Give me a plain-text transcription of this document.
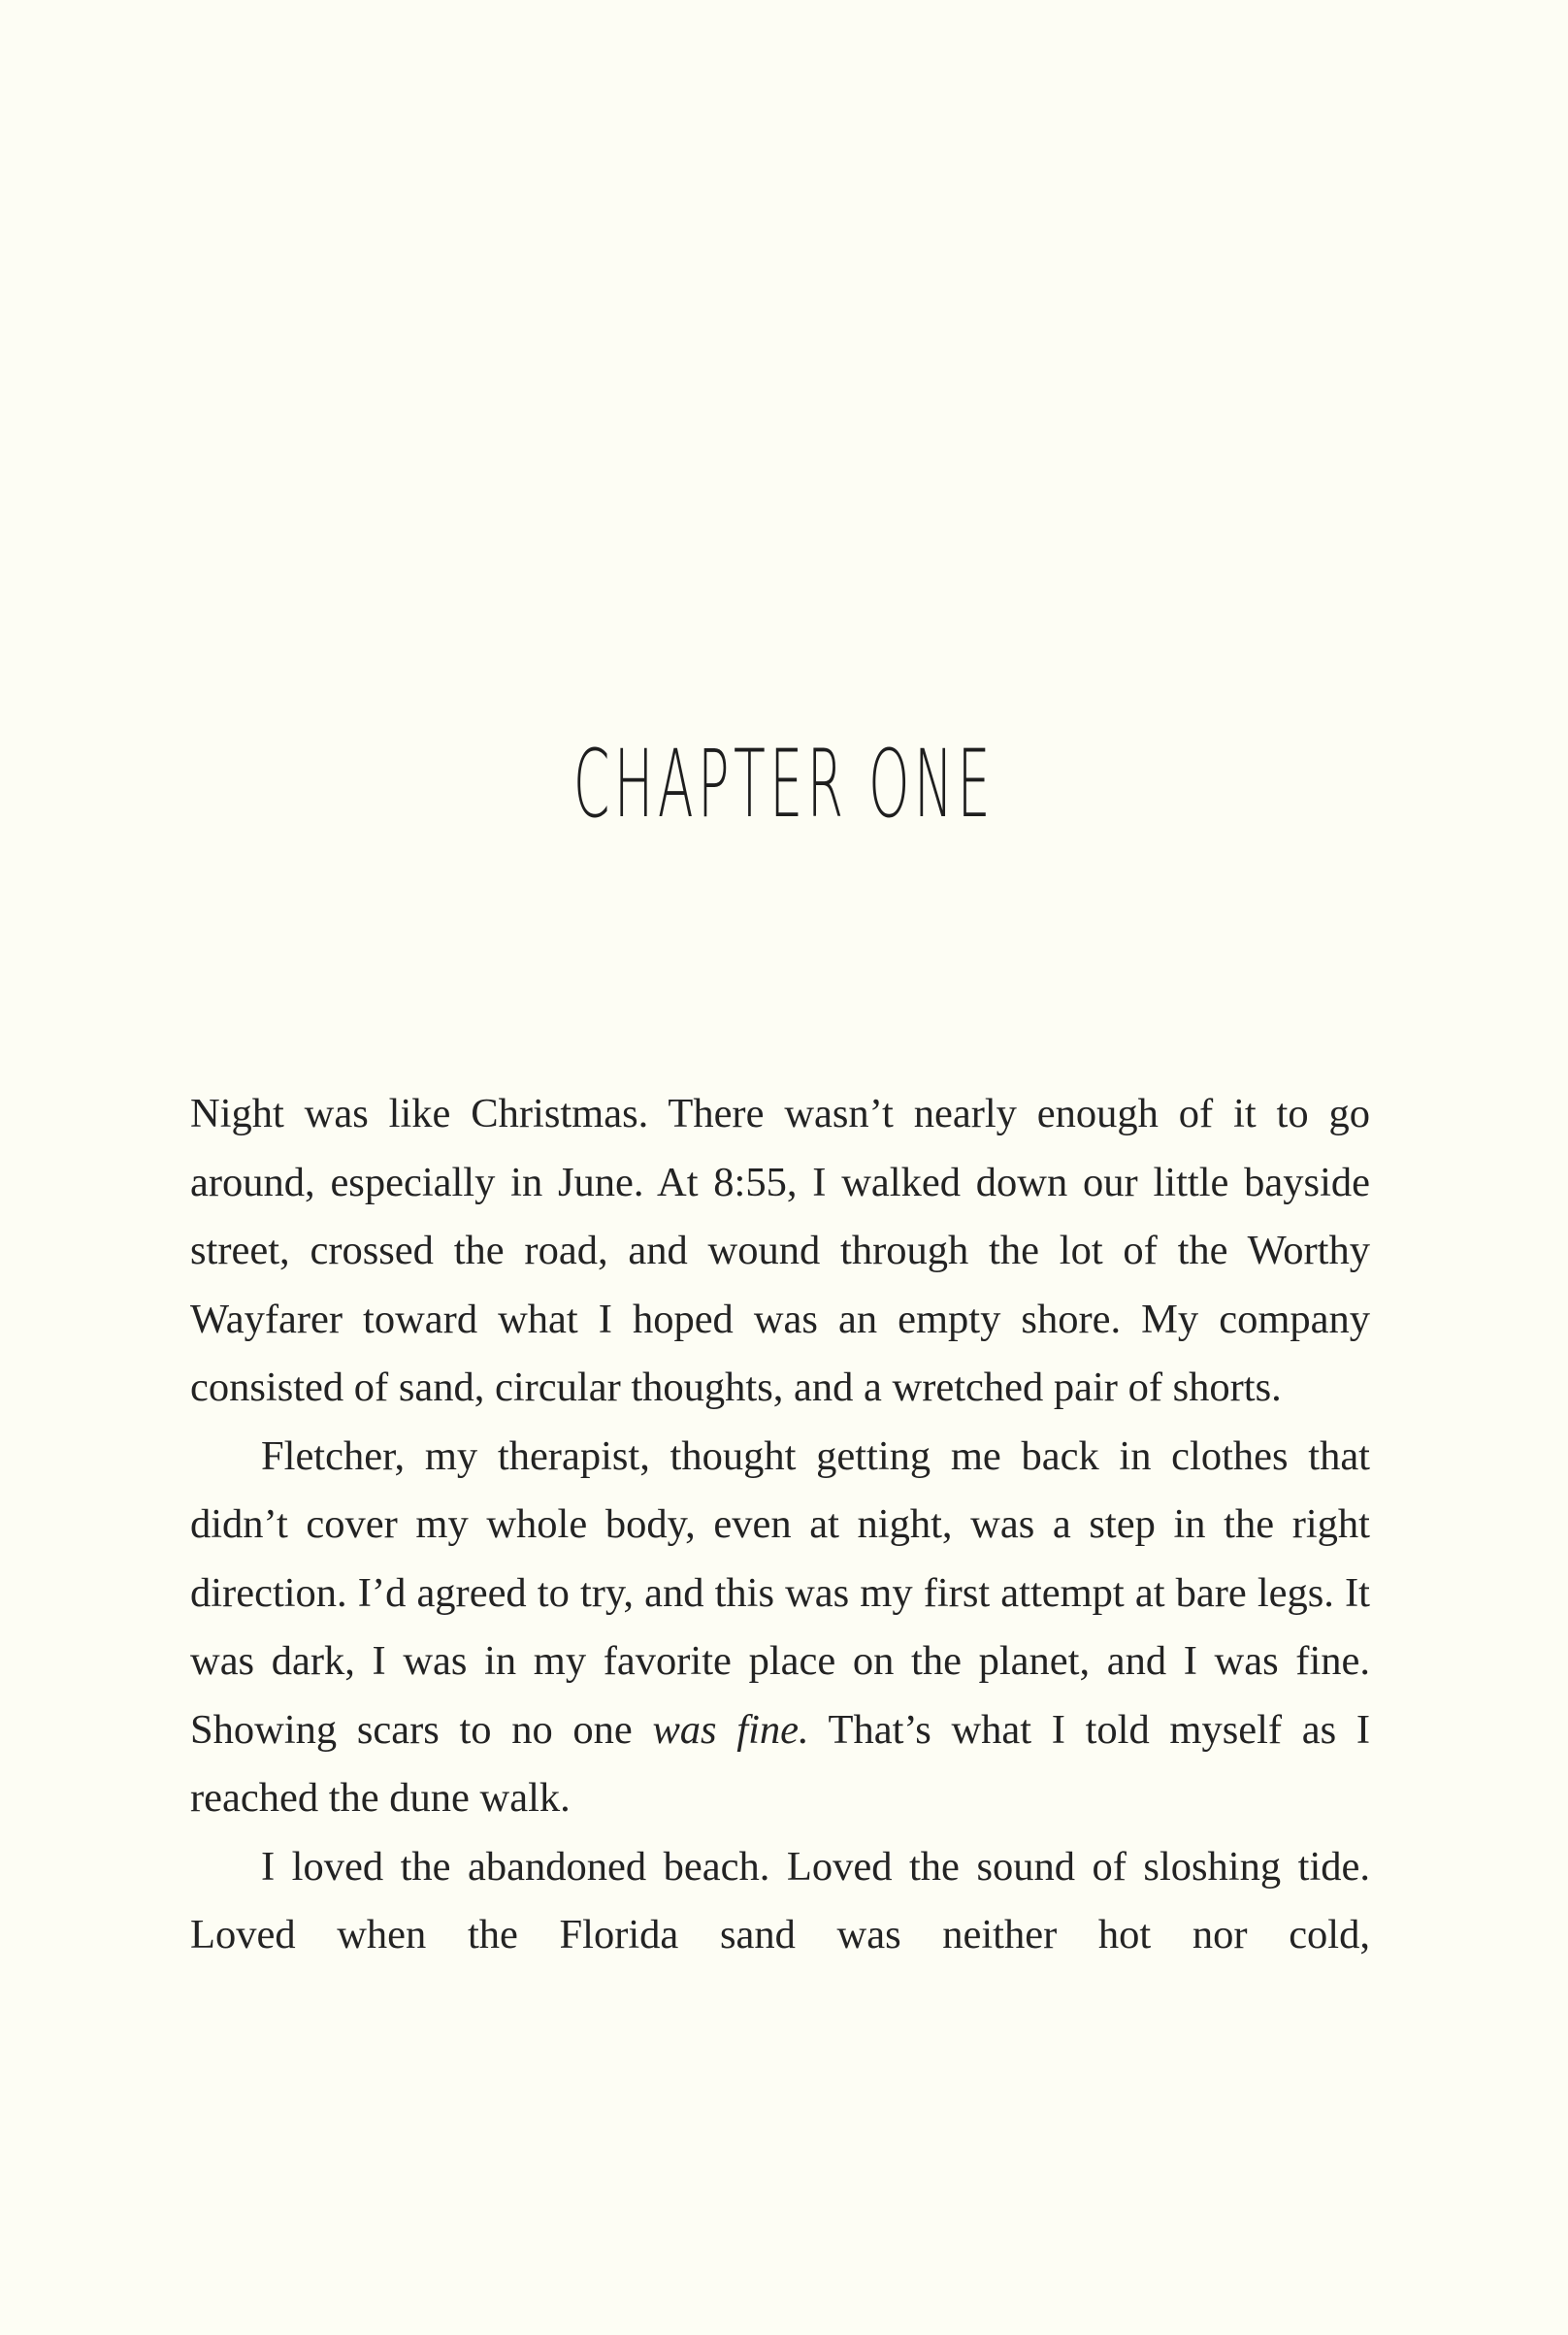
CHAPTER ONE

Night was like Christmas. There wasn’t nearly enough of it to go around, especially in June. At 8:55, I walked down our little bayside street, crossed the road, and wound through the lot of the Worthy Wayfarer toward what I hoped was an empty shore. My company consisted of sand, circular thoughts, and a wretched pair of shorts.

Fletcher, my therapist, thought getting me back in clothes that didn’t cover my whole body, even at night, was a step in the right direction. I’d agreed to try, and this was my first attempt at bare legs. It was dark, I was in my favorite place on the planet, and I was fine. Showing scars to no one was fine. That’s what I told myself as I reached the dune walk.

I loved the abandoned beach. Loved the sound of sloshing tide. Loved when the Florida sand was neither hot nor cold,
